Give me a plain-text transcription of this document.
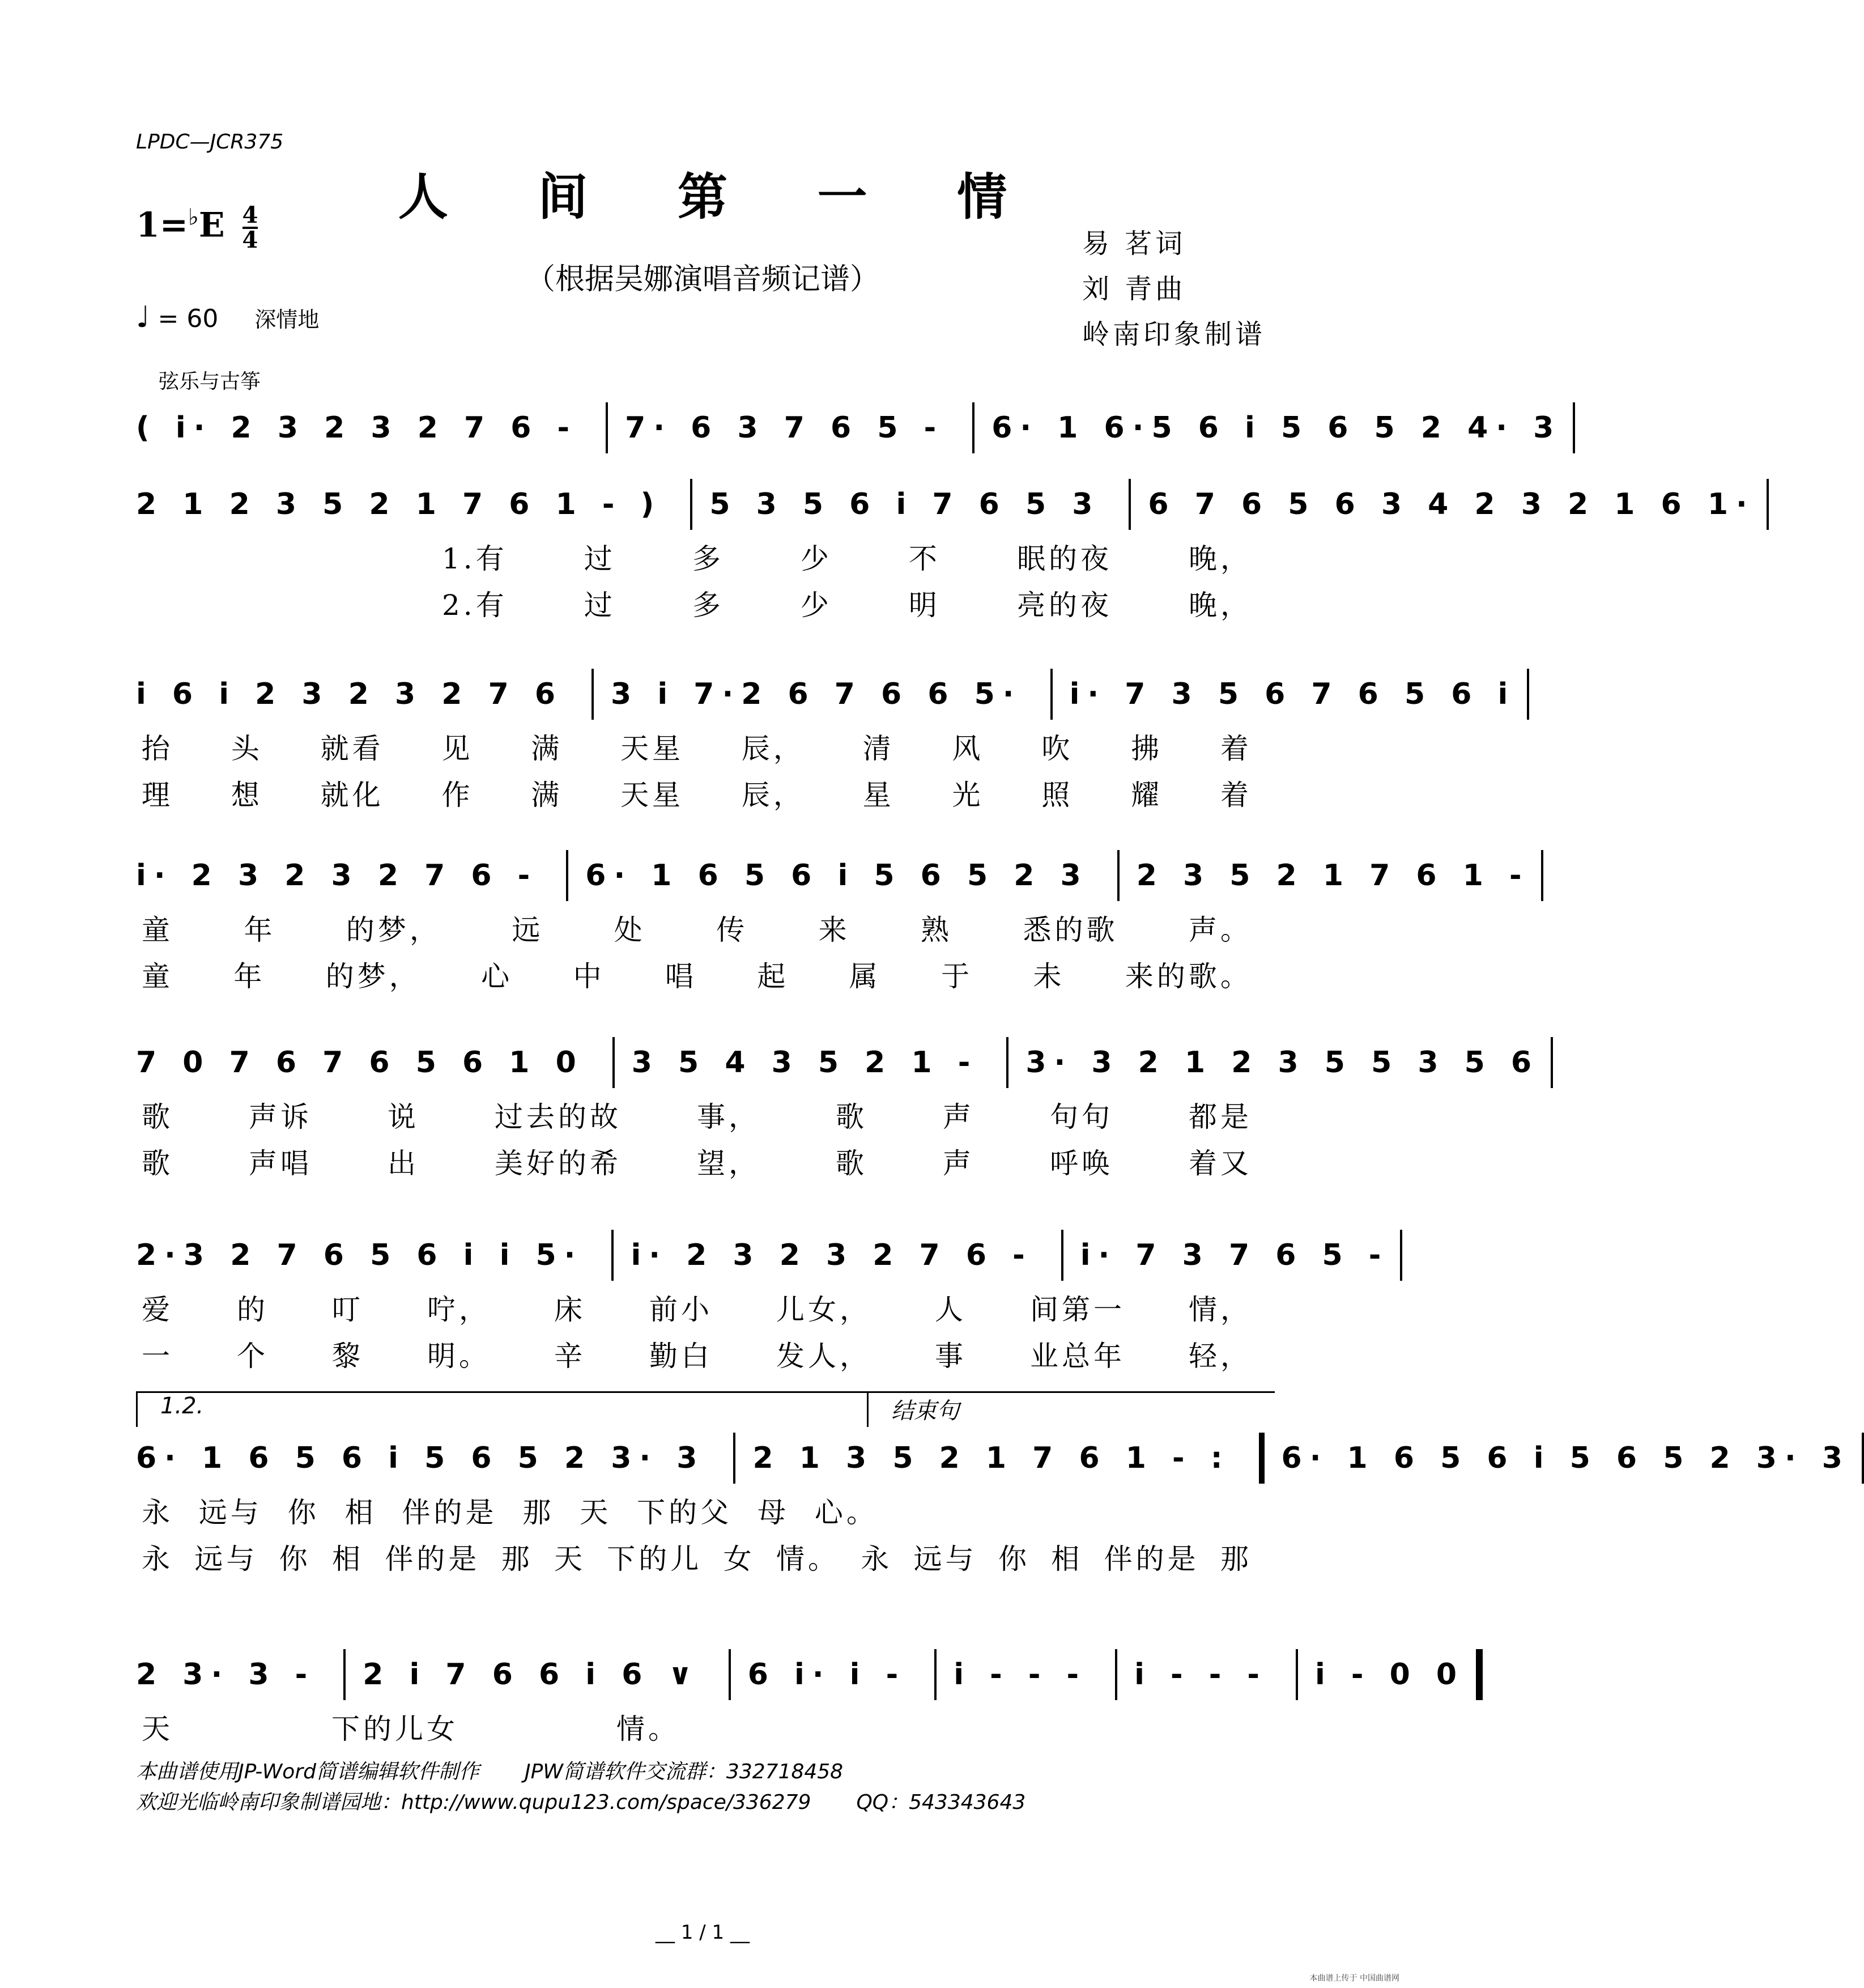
LPDC—JCR375
人 间 第 一 情
（根据吴娜演唱音频记谱）
$1=^♭E \frac{4}{4}$
♩ = 60 深情地
易 茗词
刘 青曲
岭南印象制谱
弦乐与古筝
( i· 2 3 2 3 2 7 6 -	7· 6 3 7 6 5 -	6· 1 6·5 6 i 5 6 5 2 4· 3
2 1 2 3 5 2 1 7 6 1 - )	5 3 5 6 i 7 6 5 3	6 7 6 5 6 3 4 2 3 2 1 6 1·
1.有	过	多	少	不	眠的夜	晚，
2.有	过	多	少	明	亮的夜	晚，
i 6 i 2 3 2 3 2 7 6	3 i 7·2 6 7 6 6 5·	i· 7 3 5 6 7 6 5 6 i
抬 头 就看 见 满 天星 辰， 清 风 吹 拂 着
理 想 就化 作 满 天星 辰， 星 光 照 耀 着
i· 2 3 2 3 2 7 6 -	6· 1 6 5 6 i 5 6 5 2 3	2 3 5 2 1 7 6 1 -
童 年 的梦， 远 处 传 来 熟 悉的歌 声。
童 年 的梦， 心 中 唱 起 属 于 未 来的歌。
7 0 7 6 7 6 5 6 1 0	3 5 4 3 5 2 1 -	3· 3 2 1 2 3 5 5 3 5 6
歌	声诉	说	过去的故	事，	歌	声	句句	都是
歌	声唱	出	美好的希	望，	歌	声	呼唤	着又
2·3 2 7 6 5 6 i i 5·	i· 2 3 2 3 2 7 6 -	i· 7 3 7 6 5 -
爱 的 叮 咛， 床 前小 儿女， 人 间第一 情，
一 个 黎 明。 辛 勤白 发人， 事 业总年 轻，
1.2.	结束句
6· 1 6 5 6 i 5 6 5 2 3· 3	2 1 3 5 2 1 7 6 1 - :	6· 1 6 5 6 i 5 6 5 2 3· 3
永 远与 你 相 伴的是 那 天 下的父 母 心。
永 远与 你 相 伴的是 那 天 下的儿 女 情。 永 远与 你 相 伴的是 那
2 3· 3 -	2 i 7 6 6 i 6 ∨	6 i· i -	i - - -	i - - -	i - 0 0
天	下的儿女	情。
本曲谱使用JP-Word简谱编辑软件制作 JPW简谱软件交流群：332718458
欢迎光临岭南印象制谱园地：http://www.qupu123.com/space/336279 QQ：543343643
__ 1 / 1 __
本曲谱上传于 中国曲谱网
